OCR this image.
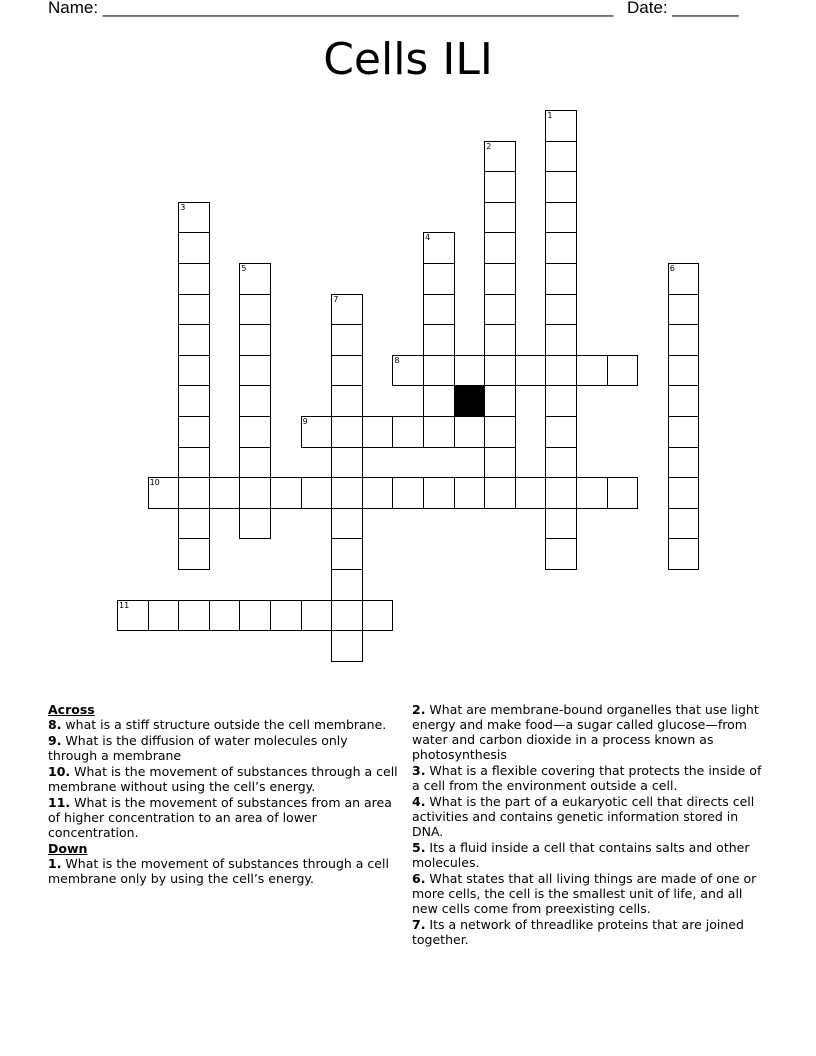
Name: ______________________________________________________ Date: _______
Cells ILI
1
2
3
4
5	6
7
8
9
10
11
Across
8. what is a stiff structure outside the cell membrane.
9. What is the diffusion of water molecules only through a membrane
10. What is the movement of substances through a cell membrane without using the cell’s energy.
11. What is the movement of substances from an area of higher concentration to an area of lower concentration.
Down
1. What is the movement of substances through a cell membrane only by using the cell’s energy.
2. What are membrane-bound organelles that use light energy and make food—a sugar called glucose—from water and carbon dioxide in a process known as photosynthesis
3. What is a flexible covering that protects the inside of a cell from the environment outside a cell.
4. What is the part of a eukaryotic cell that directs cell activities and contains genetic information stored in DNA.
5. Its a fluid inside a cell that contains salts and other molecules.
6. What states that all living things are made of one or more cells, the cell is the smallest unit of life, and all new cells come from preexisting cells.
7. Its a network of threadlike proteins that are joined together.
